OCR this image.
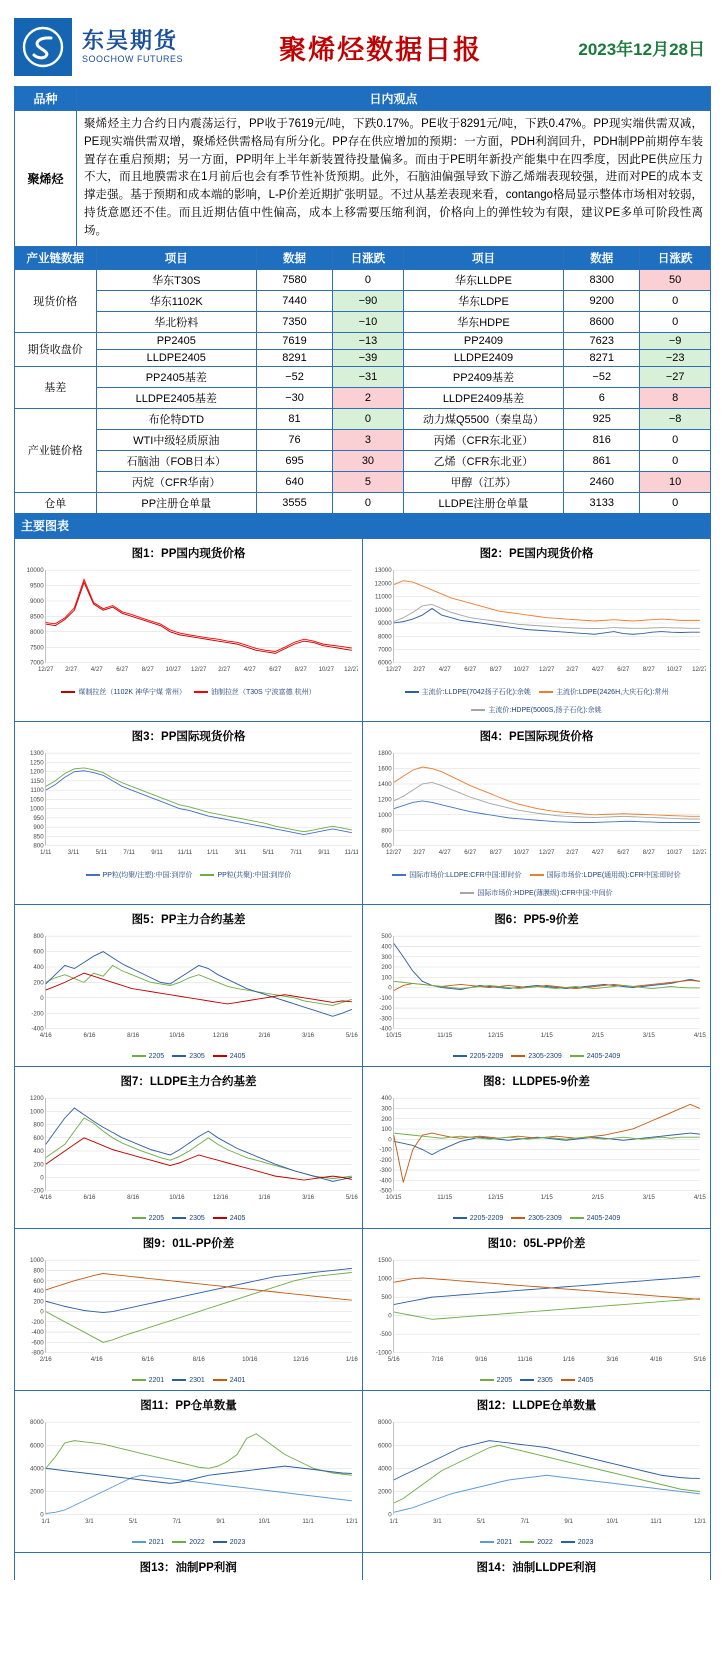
东吴期货
SOOCHOW FUTURES	聚烯烃数据日报	2023年12月28日
品种	日内观点
聚烯烃	聚烯烃主力合约日内震荡运行，PP收于7619元/吨，下跌0.17%。PE收于8291元/吨，下跌0.47%。PP现实端供需双减，PE现实端供需双增，聚烯烃供需格局有所分化。PP存在供应增加的预期：一方面，PDH利润回升，PDH制PP前期停车装置存在重启预期；另一方面，PP明年上半年新装置待投量偏多。而由于PE明年新投产能集中在四季度，因此PE供应压力不大，而且地膜需求在1月前后也会有季节性补货预期。此外，石脑油偏强导致下游乙烯端表现较强，进而对PE的成本支撑走强。基于预期和成本端的影响，L-P价差近期扩张明显。不过从基差表现来看，contango格局显示整体市场相对较弱，持货意愿还不佳。而且近期估值中性偏高，成本上移需要压缩利润，价格向上的弹性较为有限，建议PE多单可阶段性离场。
产业链数据	项目	数据	日涨跌	项目	数据	日涨跌
现货价格	华东T30S	7580	0	华东LLDPE	8300	50
	华东1102K	7440	−90	华东LDPE	9200	0
	华北粉料	7350	−10	华东HDPE	8600	0
期货收盘价	PP2405	7619	−13	PP2409	7623	−9
	LLDPE2405	8291	−39	LLDPE2409	8271	−23
基差	PP2405基差	−52	−31	PP2409基差	−52	−27
	LLDPE2405基差	−30	2	LLDPE2409基差	6	8
产业链价格	布伦特DTD	81	0	动力煤Q5500（秦皇岛）	925	−8
	WTI中级轻质原油	76	3	丙烯（CFR东北亚）	816	0
	石脑油（FOB日本）	695	30	乙烯（CFR东北亚）	861	0
	丙烷（CFR华南）	640	5	甲醇（江苏）	2460	10
仓单	PP注册仓单量	3555	0	LLDPE注册仓单量	3133	0
主要图表
图1：PP国内现货价格
7000
7500
8000
8500
9000
9500
10000
12/27 2/27 4/27 6/27 8/27 10/27 12/27 2/27 4/27 6/27 8/27 10/27 12/27
煤制拉丝（1102K 神华宁煤 常州）	油制拉丝（T30S 宁波富德 杭州）
图2：PE国内现货价格
6000
7000
8000
9000
10000
11000
12000
13000
12/27 2/27 4/27 6/27 8/27 10/27 12/27 2/27 4/27 6/27 8/27 10/27 12/27
主流价:LLDPE(7042扬子石化):余姚	主流价:LDPE(2426H,大庆石化):常州
主流价:HDPE(5000S,扬子石化):余姚
图3：PP国际现货价格
800
850
900
950
1000
1050
1100
1150
1200
1250
1300
1/11	3/11	5/11	7/11	9/11 11/11 1/11	3/11	5/11	7/11	9/11 11/11
PP粒(均聚/注塑):中国:到岸价	PP粒(共聚):中国:到岸价
图4：PE国际现货价格
600
800
1000
1200
1400
1600
1800
12/27 2/27 4/27 6/27 8/27 10/27 12/27 2/27 4/27 6/27 8/27 10/27 12/27
国际市场价:LLDPE:CFR中国:即时价	国际市场价:LDPE(通用级):CFR中国:即时价
国际市场价:HDPE(薄膜级):CFR中国:中间价
图5：PP主力合约基差
-400
-200
0
200
400
600
800
4/16	6/16	8/16	10/16	12/16	2/16	3/16	5/16
2205	2305	2405
图6：PP5-9价差
-400
-300
-200
-100
0
100
200
300
400
500
10/15	11/15	12/15	1/15	2/15	3/15	4/15
2205-2209	2305-2309	2405-2409
图7：LLDPE主力合约基差
-200
0
200
400
600
800
1000
1200
4/16	6/16	8/16	10/16	12/16	1/16	3/16	5/16
2205	2305	2405
图8：LLDPE5-9价差
-500
-400
-300
-200
-100
0
100
200
300
400
10/15	11/15	12/15	1/15	2/15	3/15	4/15
2205-2209	2305-2309	2405-2409
图9：01L-PP价差
-800
-600
-400
-200
0
200
400
600
800
1000
2/16	4/16	6/16	8/16	10/16	12/16	1/16
2201	2301	2401
图10：05L-PP价差
-1000
-500
0
500
1000
1500
5/16	7/16	9/16	11/16	1/16	3/16	4/16	5/16
2205	2305	2405
图11：PP仓单数量
0
2000
4000
6000
8000
1/1	3/1	5/1	7/1	9/1	10/1	11/1	12/1
2021	2022	2023
图12：LLDPE仓单数量
0
2000
4000
6000
8000
1/1	3/1	5/1	7/1	9/1	10/1	11/1	12/1
2021	2022	2023
图13：油制PP利润	图14：油制LLDPE利润
